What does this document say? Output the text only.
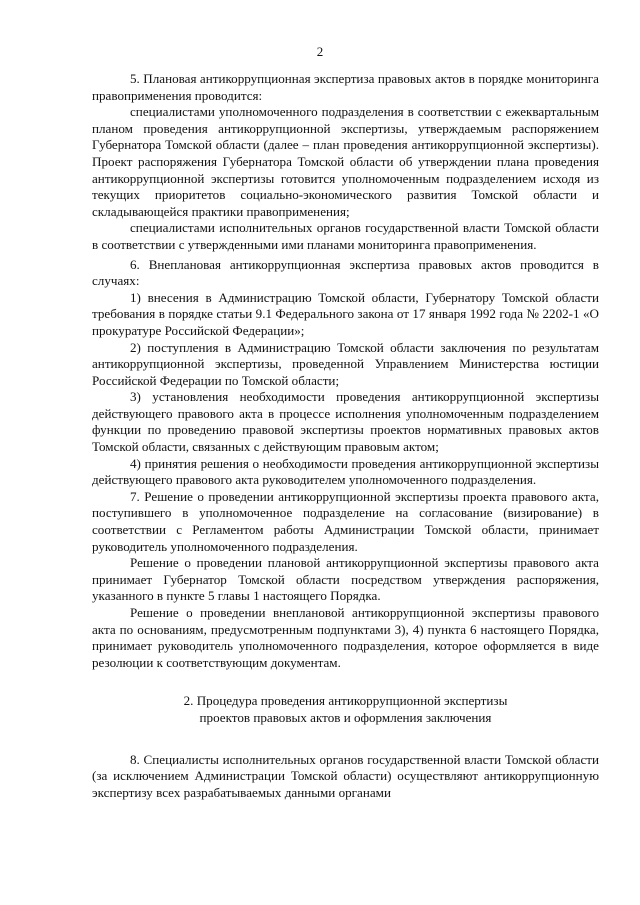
2

5. Плановая антикоррупционная экспертиза правовых актов в порядке мониторинга правоприменения проводится:

специалистами уполномоченного подразделения в соответствии с ежеквартальным планом проведения антикоррупционной экспертизы, утверждаемым распоряжением Губернатора Томской области (далее – план проведения антикоррупционной экспертизы). Проект распоряжения Губернатора Томской области об утверждении плана проведения антикоррупционной экспертизы готовится уполномоченным подразделением исходя из текущих приоритетов социально-экономического развития Томской области и складывающейся практики правоприменения;

специалистами исполнительных органов государственной власти Томской области в соответствии с утвержденными ими планами мониторинга правоприменения.

6. Внеплановая антикоррупционная экспертиза правовых актов проводится в случаях:

1) внесения в Администрацию Томской области, Губернатору Томской области требования в порядке статьи 9.1 Федерального закона от 17 января 1992 года № 2202-1 «О прокуратуре Российской Федерации»;

2) поступления в Администрацию Томской области заключения по результатам антикоррупционной экспертизы, проведенной Управлением Министерства юстиции Российской Федерации по Томской области;

3) установления необходимости проведения антикоррупционной экспертизы действующего правового акта в процессе исполнения уполномоченным подразделением функции по проведению правовой экспертизы проектов нормативных правовых актов Томской области, связанных с действующим правовым актом;

4) принятия решения о необходимости проведения антикоррупционной экспертизы действующего правового акта руководителем уполномоченного подразделения.

7. Решение о проведении антикоррупционной экспертизы проекта правового акта, поступившего в уполномоченное подразделение на согласование (визирование) в соответствии с Регламентом работы Администрации Томской области, принимает руководитель уполномоченного подразделения.

Решение о проведении плановой антикоррупционной экспертизы правового акта принимает Губернатор Томской области посредством утверждения распоряжения, указанного в пункте 5 главы 1 настоящего Порядка.

Решение о проведении внеплановой антикоррупционной экспертизы правового акта по основаниям, предусмотренным подпунктами 3), 4) пункта 6 настоящего Порядка, принимает руководитель уполномоченного подразделения, которое оформляется в виде резолюции к соответствующим документам.

2. Процедура проведения антикоррупционной экспертизы
проектов правовых актов и оформления заключения

8. Специалисты исполнительных органов государственной власти Томской области (за исключением Администрации Томской области) осуществляют антикоррупционную экспертизу всех разрабатываемых данными органами
